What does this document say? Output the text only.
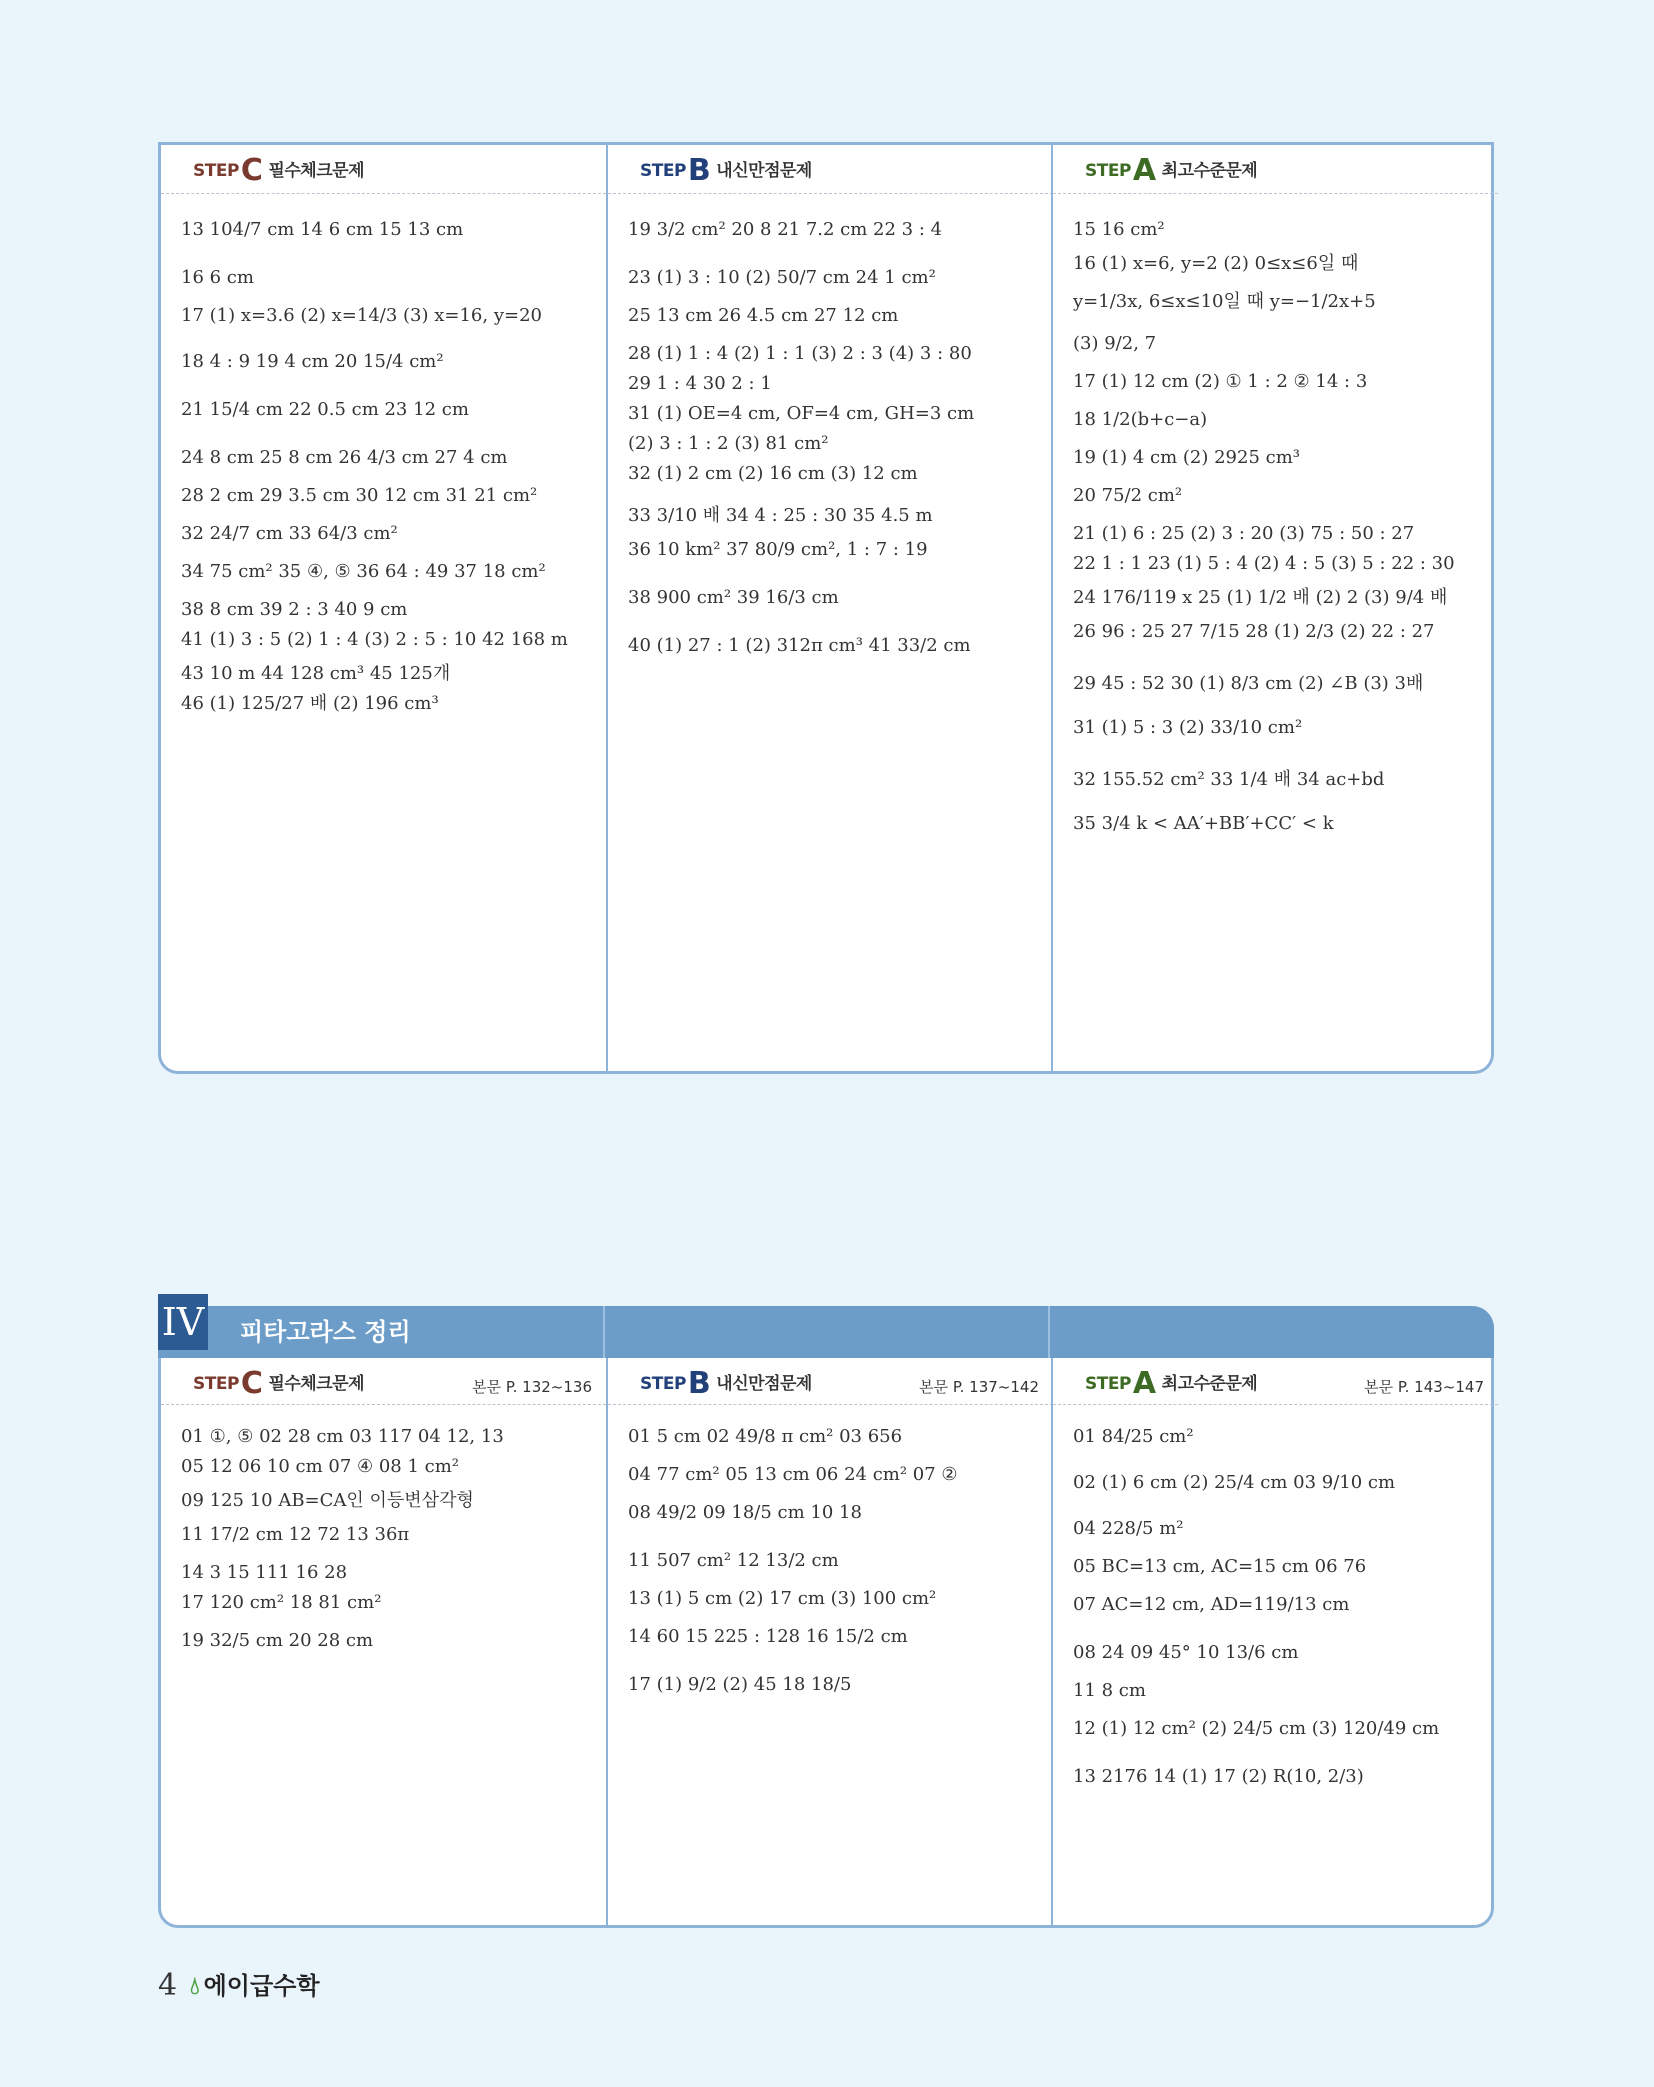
STEPC 필수체크문제
13 104/7 cm 14 6 cm 15 13 cm
16 6 cm
17 (1) x=3.6 (2) x=14/3 (3) x=16, y=20
18 4 : 9 19 4 cm 20 15/4 cm²
21 15/4 cm 22 0.5 cm 23 12 cm
24 8 cm 25 8 cm 26 4/3 cm 27 4 cm
28 2 cm 29 3.5 cm 30 12 cm 31 21 cm²
32 24/7 cm 33 64/3 cm²
34 75 cm² 35 ④, ⑤ 36 64 : 49 37 18 cm²
38 8 cm 39 2 : 3 40 9 cm
41 (1) 3 : 5 (2) 1 : 4 (3) 2 : 5 : 10 42 168 m
43 10 m 44 128 cm³ 45 125개
46 (1) 125/27 배 (2) 196 cm³
STEPB 내신만점문제
19 3/2 cm² 20 8 21 7.2 cm 22 3 : 4
23 (1) 3 : 10 (2) 50/7 cm 24 1 cm²
25 13 cm 26 4.5 cm 27 12 cm
28 (1) 1 : 4 (2) 1 : 1 (3) 2 : 3 (4) 3 : 80
29 1 : 4 30 2 : 1
31 (1) OE=4 cm, OF=4 cm, GH=3 cm
(2) 3 : 1 : 2 (3) 81 cm²
32 (1) 2 cm (2) 16 cm (3) 12 cm
33 3/10 배 34 4 : 25 : 30 35 4.5 m
36 10 km² 37 80/9 cm², 1 : 7 : 19
38 900 cm² 39 16/3 cm
40 (1) 27 : 1 (2) 312π cm³ 41 33/2 cm
STEPA 최고수준문제
15 16 cm²
16 (1) x=6, y=2 (2) 0≤x≤6일 때
y=1/3x, 6≤x≤10일 때 y=−1/2x+5
(3) 9/2, 7
17 (1) 12 cm (2) ① 1 : 2 ② 14 : 3
18 1/2(b+c−a)
19 (1) 4 cm (2) 2925 cm³
20 75/2 cm²
21 (1) 6 : 25 (2) 3 : 20 (3) 75 : 50 : 27
22 1 : 1 23 (1) 5 : 4 (2) 4 : 5 (3) 5 : 22 : 30
24 176/119 x 25 (1) 1/2 배 (2) 2 (3) 9/4 배
26 96 : 25 27 7/15 28 (1) 2/3 (2) 22 : 27
29 45 : 52 30 (1) 8/3 cm (2) ∠B (3) 3배
31 (1) 5 : 3 (2) 33/10 cm²
32 155.52 cm² 33 1/4 배 34 ac+bd
35 3/4 k < AA′+BB′+CC′ < k
STEPC 필수체크문제	본문 P. 132~136
01 ①, ⑤ 02 28 cm 03 117 04 12, 13
05 12 06 10 cm 07 ④ 08 1 cm²
09 125 10 AB=CA인 이등변삼각형
11 17/2 cm 12 72 13 36π
14 3 15 111 16 28
17 120 cm² 18 81 cm²
19 32/5 cm 20 28 cm
STEPB 내신만점문제	본문 P. 137~142
01 5 cm 02 49/8 π cm² 03 656
04 77 cm² 05 13 cm 06 24 cm² 07 ②
08 49/2 09 18/5 cm 10 18
11 507 cm² 12 13/2 cm
13 (1) 5 cm (2) 17 cm (3) 100 cm²
14 60 15 225 : 128 16 15/2 cm
17 (1) 9/2 (2) 45 18 18/5
STEPA 최고수준문제	본문 P. 143~147
01 84/25 cm²
02 (1) 6 cm (2) 25/4 cm 03 9/10 cm
04 228/5 m²
05 BC=13 cm, AC=15 cm 06 76
07 AC=12 cm, AD=119/13 cm
08 24 09 45° 10 13/6 cm
11 8 cm
12 (1) 12 cm² (2) 24/5 cm (3) 120/49 cm
13 2176 14 (1) 17 (2) R(10, 2/3)
IV 피타고라스 정리
4 💧︎ 에이급수학
